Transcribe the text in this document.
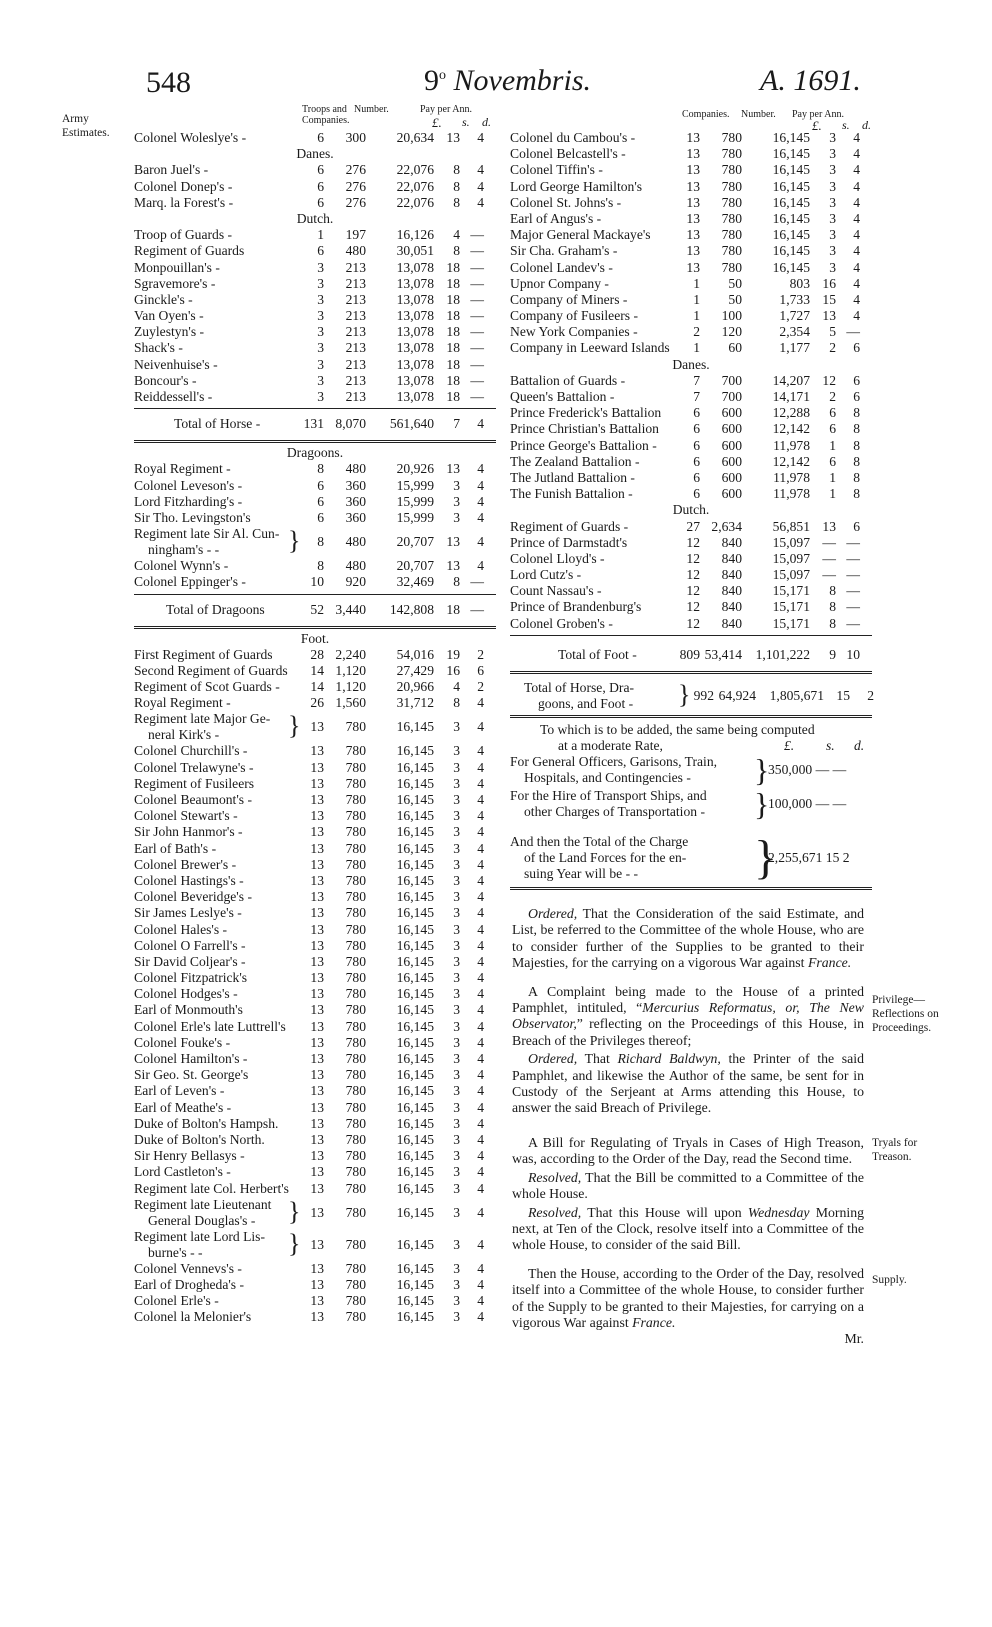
548	9$^o$ Novembris.	A. 1691.
Army Estimates.
Privilege—Reflections on Proceedings.
Tryals for Treason.
Supply.
Troops and Companies.
Number.	Pay per Ann.
£. s. d.
Companies. Number. Pay per Ann.
£. s. d.
Colonel Woleslye's -	6	300	20,634 13	4
Danes.
Baron Juel's -	6	276	22,076	8	4
Colonel Donep's -	6	276	22,076	8	4
Marq. la Forest's -	6	276	22,076	8	4
Dutch.
Troop of Guards -	1	197	16,126	4 —
Regiment of Guards	6	480	30,051	8 —
Monpouillan's -	3	213	13,078 18 —
Sgravemore's -	3	213	13,078 18 —
Ginckle's -	3	213	13,078 18 —
Van Oyen's -	3	213	13,078 18 —
Zuylestyn's -	3	213	13,078 18 —
Shack's -	3	213	13,078 18 —
Neivenhuise's -	3	213	13,078 18 —
Boncour's -	3	213	13,078 18 —
Reiddessell's -	3	213	13,078 18 —
Total of Horse -	131 8,070	561,640	7	4
Dragoons.
Royal Regiment -	8	480	20,926 13	4
Colonel Leveson's -	6	360	15,999	3	4
Lord Fitzharding's -	6	360	15,999	3	4
Sir Tho. Levingston's	6	360	15,999	3	4
Regiment late Sir Al. Cun-
ningham's - -	}	8	480	20,707 13	4
Colonel Wynn's -	8	480	20,707 13	4
Colonel Eppinger's -	10	920	32,469	8 —
Total of Dragoons	52 3,440	142,808 18 —
Foot.
First Regiment of Guards	28 2,240	54,016 19	2
Second Regiment of Guards	14 1,120	27,429 16	6
Regiment of Scot Guards -	14 1,120	20,966	4	2
Royal Regiment -	26 1,560	31,712	8	4
Regiment late Major Ge-
neral Kirk's -	} 13	780	16,145	3	4
Colonel Churchill's -	13	780	16,145	3	4
Colonel Trelawyne's -	13	780	16,145	3	4
Regiment of Fusileers	13	780	16,145	3	4
Colonel Beaumont's -	13	780	16,145	3	4
Colonel Stewart's -	13	780	16,145	3	4
Sir John Hanmor's -	13	780	16,145	3	4
Earl of Bath's -	13	780	16,145	3	4
Colonel Brewer's -	13	780	16,145	3	4
Colonel Hastings's -	13	780	16,145	3	4
Colonel Beveridge's -	13	780	16,145	3	4
Sir James Leslye's -	13	780	16,145	3	4
Colonel Hales's -	13	780	16,145	3	4
Colonel O Farrell's -	13	780	16,145	3	4
Sir David Coljear's -	13	780	16,145	3	4
Colonel Fitzpatrick's	13	780	16,145	3	4
Colonel Hodges's -	13	780	16,145	3	4
Earl of Monmouth's	13	780	16,145	3	4
Colonel Erle's late Luttrell's	13	780	16,145	3	4
Colonel Fouke's -	13	780	16,145	3	4
Colonel Hamilton's -	13	780	16,145	3	4
Sir Geo. St. George's	13	780	16,145	3	4
Earl of Leven's -	13	780	16,145	3	4
Earl of Meathe's -	13	780	16,145	3	4
Duke of Bolton's Hampsh.	13	780	16,145	3	4
Duke of Bolton's North.	13	780	16,145	3	4
Sir Henry Bellasys -	13	780	16,145	3	4
Lord Castleton's -	13	780	16,145	3	4
Regiment late Col. Herbert's	13	780	16,145	3	4
Regiment late Lieutenant
General Douglas's - } 13	780	16,145	3	4
Regiment late Lord Lis-
burne's - -	} 13	780	16,145	3	4
Colonel Vennevs's -	13	780	16,145	3	4
Earl of Drogheda's -	13	780	16,145	3	4
Colonel Erle's -	13	780	16,145	3	4
Colonel la Melonier's	13	780	16,145	3	4
Colonel du Cambou's -	13	780	16,145	3	4
Colonel Belcastell's -	13	780	16,145	3	4
Colonel Tiffin's -	13	780	16,145	3	4
Lord George Hamilton's	13	780	16,145	3	4
Colonel St. Johns's -	13	780	16,145	3	4
Earl of Angus's -	13	780	16,145	3	4
Major General Mackaye's	13	780	16,145	3	4
Sir Cha. Graham's -	13	780	16,145	3	4
Colonel Landev's -	13	780	16,145	3	4
Upnor Company -	1	50	803 16	4
Company of Miners -	1	50	1,733 15	4
Company of Fusileers -	1	100	1,727 13	4
New York Companies -	2	120	2,354	5 —
Company in Leeward Islands	1	60	1,177	2	6
Danes.
Battalion of Guards -	7	700	14,207 12	6
Queen's Battalion -	7	700	14,171	2	6
Prince Frederick's Battalion	6	600	12,288	6	8
Prince Christian's Battalion	6	600	12,142	6	8
Prince George's Battalion -	6	600	11,978	1	8
The Zealand Battalion -	6	600	12,142	6	8
The Jutland Battalion -	6	600	11,978	1	8
The Funish Battalion -	6	600	11,978	1	8
Dutch.
Regiment of Guards -	27 2,634	56,851 13	6
Prince of Darmstadt's	12	840	15,097 — —
Colonel Lloyd's -	12	840	15,097 — —
Lord Cutz's -	12	840	15,097 — —
Count Nassau's -	12	840	15,171	8 —
Prince of Brandenburg's	12	840	15,171	8 —
Colonel Groben's -	12	840	15,171	8 —
Total of Foot -	809 53,414	1,101,222	9 10
Total of Horse, Dra-
goons, and Foot - } 992 64,924	1,805,671 15	2
To which is to be added, the same being computed
at a moderate Rate,	£. s. d.
For General Officers, Garisons, Train,
Hospitals, and Contingencies - }
350,000 — —
For the Hire of Transport Ships, and
other Charges of Transportation - }
100,000 — —
And then the Total of the Charge
of the Land Forces for the en-
suing Year will be - - }
2,255,671 15 2

Ordered, That the Consideration of the said Estimate, and List, be referred to the Committee of the whole House, who are to consider further of the Supplies to be granted to their Majesties, for the carrying on a vigorous War against France.

A Complaint being made to the House of a printed Pamphlet, intituled, “Mercurius Reformatus, or, The New Observator,” reflecting on the Proceedings of this House, in Breach of the Privileges thereof;

Ordered, That Richard Baldwyn, the Printer of the said Pamphlet, and likewise the Author of the same, be sent for in Custody of the Serjeant at Arms attending this House, to answer the said Breach of Privilege.

A Bill for Regulating of Tryals in Cases of High Treason, was, according to the Order of the Day, read the Second time.

Resolved, That the Bill be committed to a Committee of the whole House.

Resolved, That this House will upon Wednesday Morning next, at Ten of the Clock, resolve itself into a Committee of the whole House, to consider of the said Bill.

Then the House, according to the Order of the Day, resolved itself into a Committee of the whole House, to consider further of the Supply to be granted to their Majesties, for carrying on a vigorous War against France.

Mr.
